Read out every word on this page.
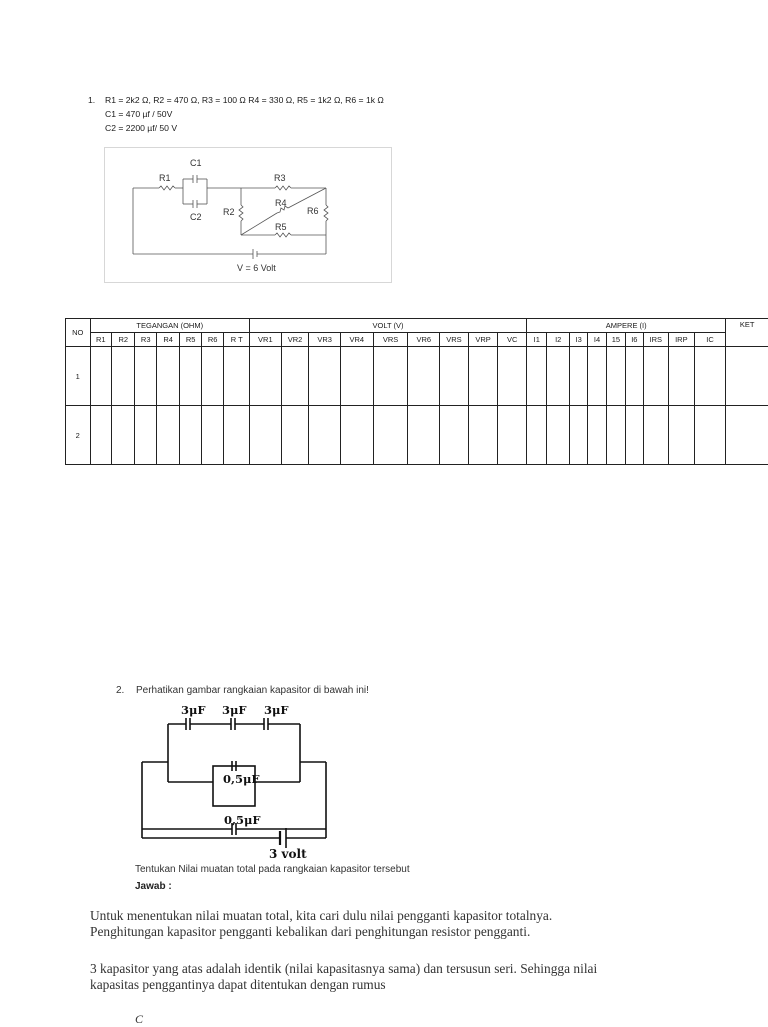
1. R1 = 2k2 Ω, R2 = 470 Ω, R3 = 100 Ω R4 = 330 Ω, R5 = 1k2 Ω, R6 = 1k Ω
C1 = 470 µf / 50V
C2 = 2200 µf/ 50 V
C1
R1
C2
R3
R2
R4
R6
R5
V = 6 Volt
NO	TEGANGAN (OHM)							VOLT (V)									AMPERE (I)									KET
	R1	R2	R3	R4	R5	R6	R T	VR1	VR2	VR3	VR4	VRS	VR6	VRS	VRP	VC	I1	I2	I3	I4	15	I6	IRS	IRP	IC	
1																										
2																										
2. Perhatikan gambar rangkaian kapasitor di bawah ini!
3μF 3μF 3μF
0,5μF
0,5μF
3 volt
Tentukan Nilai muatan total pada rangkaian kapasitor tersebut
Jawab :
Untuk menentukan nilai muatan total, kita cari dulu nilai pengganti kapasitor totalnya.
Penghitungan kapasitor pengganti kebalikan dari penghitungan resistor pengganti.
3 kapasitor yang atas adalah identik (nilai kapasitasnya sama) dan tersusun seri. Sehingga nilai
kapasitas penggantinya dapat ditentukan dengan rumus
C
